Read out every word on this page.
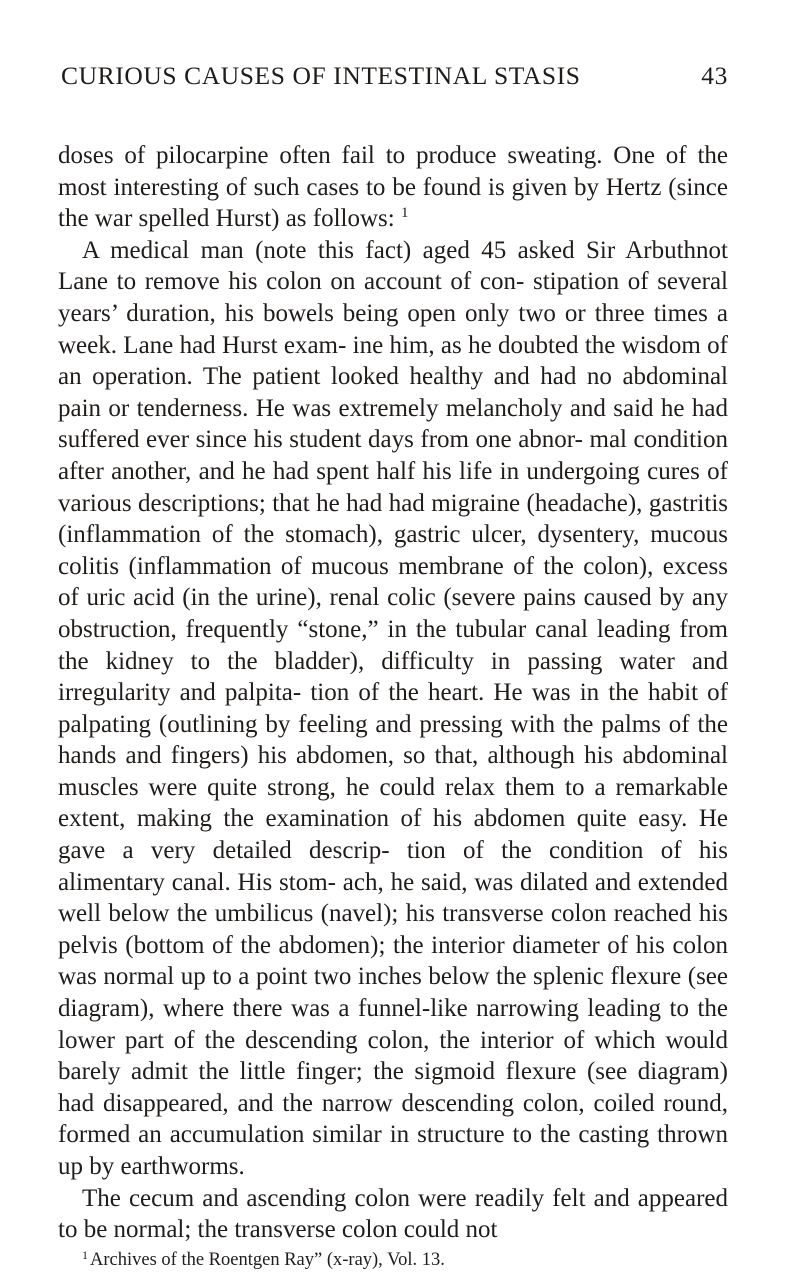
CURIOUS CAUSES OF INTESTINAL STASIS	43

doses of pilocarpine often fail to produce sweating. One of the most interesting of such cases to be found is given by Hertz (since the war spelled Hurst) as follows: $^1$

A medical man (note this fact) aged 45 asked Sir Arbuthnot Lane to remove his colon on account of con- stipation of several years’ duration, his bowels being open only two or three times a week. Lane had Hurst exam- ine him, as he doubted the wisdom of an operation. The patient looked healthy and had no abdominal pain or tenderness. He was extremely melancholy and said he had suffered ever since his student days from one abnor- mal condition after another, and he had spent half his life in undergoing cures of various descriptions; that he had had migraine (headache), gastritis (inflammation of the stomach), gastric ulcer, dysentery, mucous colitis (inflammation of mucous membrane of the colon), excess of uric acid (in the urine), renal colic (severe pains caused by any obstruction, frequently “stone,” in the tubular canal leading from the kidney to the bladder), difficulty in passing water and irregularity and palpita- tion of the heart. He was in the habit of palpating (outlining by feeling and pressing with the palms of the hands and fingers) his abdomen, so that, although his abdominal muscles were quite strong, he could relax them to a remarkable extent, making the examination of his abdomen quite easy. He gave a very detailed descrip- tion of the condition of his alimentary canal. His stom- ach, he said, was dilated and extended well below the umbilicus (navel); his transverse colon reached his pelvis (bottom of the abdomen); the interior diameter of his colon was normal up to a point two inches below the splenic flexure (see diagram), where there was a funnel-like narrowing leading to the lower part of the descending colon, the interior of which would barely admit the little finger; the sigmoid flexure (see diagram) had disappeared, and the narrow descending colon, coiled round, formed an accumulation similar in structure to the casting thrown up by earthworms.

The cecum and ascending colon were readily felt and appeared to be normal; the transverse colon could not

$^1$ Archives of the Roentgen Ray” (x-ray), Vol. 13.
